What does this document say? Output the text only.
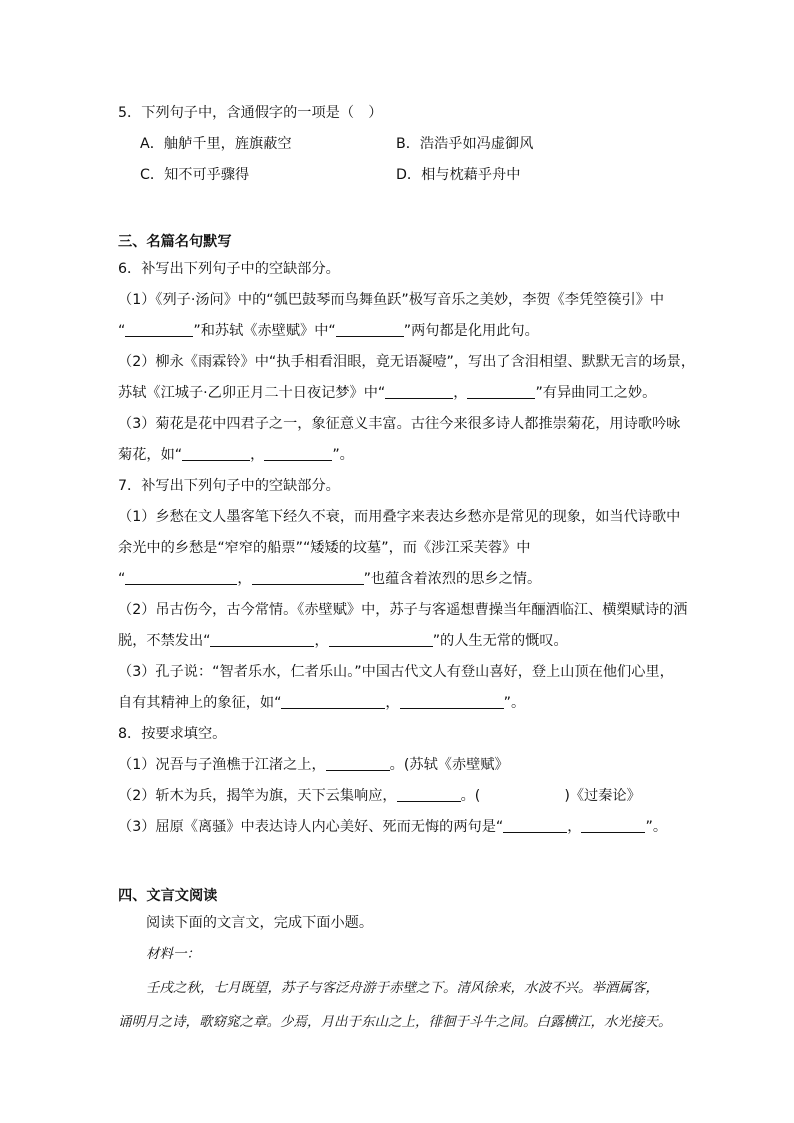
5．下列句子中，含通假字的一项是（　）
A．舳舻千里，旌旗蔽空	B．浩浩乎如冯虚御风
C．知不可乎骤得	D．相与枕藉乎舟中
三、名篇名句默写
6．补写出下列句子中的空缺部分。
（1）《列子·汤问》中的“瓠巴鼓琴而鸟舞鱼跃”极写音乐之美妙，李贺《李凭箜篌引》中
“	”和苏轼《赤壁赋》中“	”两句都是化用此句。
（2）柳永《雨霖铃》中“执手相看泪眼，竟无语凝噎”，写出了含泪相望、默默无言的场景，
苏轼《江城子·乙卯正月二十日夜记梦》中“	，	”有异曲同工之妙。
（3）菊花是花中四君子之一，象征意义丰富。古往今来很多诗人都推崇菊花，用诗歌吟咏
菊花，如“	，	”。
7．补写出下列句子中的空缺部分。
（1）乡愁在文人墨客笔下经久不衰，而用叠字来表达乡愁亦是常见的现象，如当代诗歌中
余光中的乡愁是“窄窄的船票”“矮矮的坟墓”，而《涉江采芙蓉》中
“	，	”也蕴含着浓烈的思乡之情。
（2）吊古伤今，古今常情。《赤壁赋》中，苏子与客遥想曹操当年酾酒临江、横槊赋诗的洒
脱，不禁发出“	，	”的人生无常的慨叹。
（3）孔子说：“智者乐水，仁者乐山。”中国古代文人有登山喜好，登上山顶在他们心里，
自有其精神上的象征，如“	，	”。
8．按要求填空。
（1）况吾与子渔樵于江渚之上，	。(苏轼《赤壁赋》
（2）斩木为兵，揭竿为旗，天下云集响应，	。(	)《过秦论》
（3）屈原《离骚》中表达诗人内心美好、死而无悔的两句是“	，	”。
四、文言文阅读
阅读下面的文言文，完成下面小题。
材料一：
壬戌之秋，七月既望，苏子与客泛舟游于赤壁之下。清风徐来，水波不兴。举酒属客，
诵明月之诗，歌窈窕之章。少焉，月出于东山之上，徘徊于斗牛之间。白露横江，水光接天。
